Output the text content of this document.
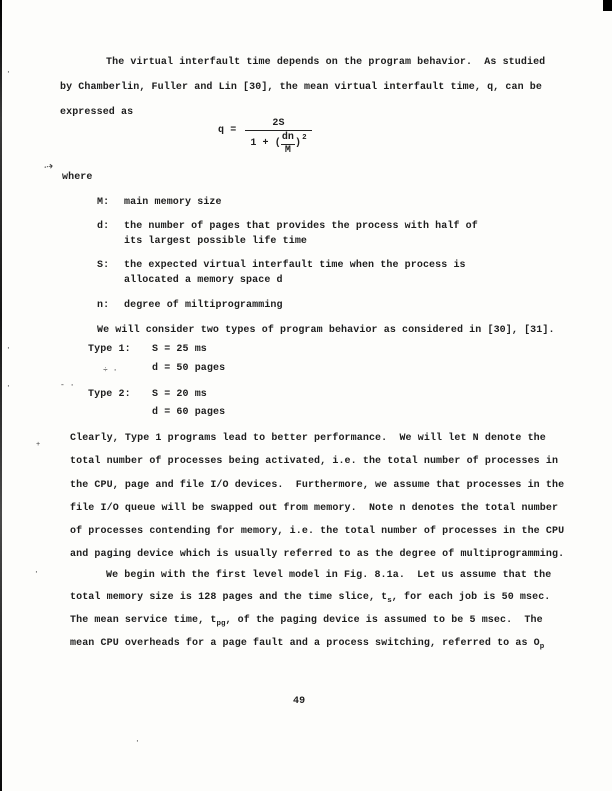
·
⇢
·
÷ ·
- ·
·
+
·
·
The virtual interfault time depends on the program behavior.  As studied
by Chamberlin, Fuller and Lin [30], the mean virtual interfault time, q, can be
expressed as
$q = \frac{2S}{1 + ( \frac{dn}{M} )^2}$
where
M: main memory size
d: the number of pages that provides the process with half of
its largest possible life time
S: the expected virtual interfault time when the process is
allocated a memory space d
n: degree of miltiprogramming
We will consider two types of program behavior as considered in [30], [31].
Type 1: S = 25 ms
d = 50 pages
Type 2: S = 20 ms
d = 60 pages
Clearly, Type 1 programs lead to better performance.  We will let N denote the
total number of processes being activated, i.e. the total number of processes in
the CPU, page and file I/O devices.  Furthermore, we assume that processes in the
file I/O queue will be swapped out from memory.  Note n denotes the total number
of processes contending for memory, i.e. the total number of processes in the CPU
and paging device which is usually referred to as the degree of multiprogramming.
We begin with the first level model in Fig. 8.1a.  Let us assume that the
total memory size is 128 pages and the time slice, $t_s$, for each job is 50 msec.
The mean service time, $t_{pg}$, of the paging device is assumed to be 5 msec.  The
mean CPU overheads for a page fault and a process switching, referred to as $O_p$
49
